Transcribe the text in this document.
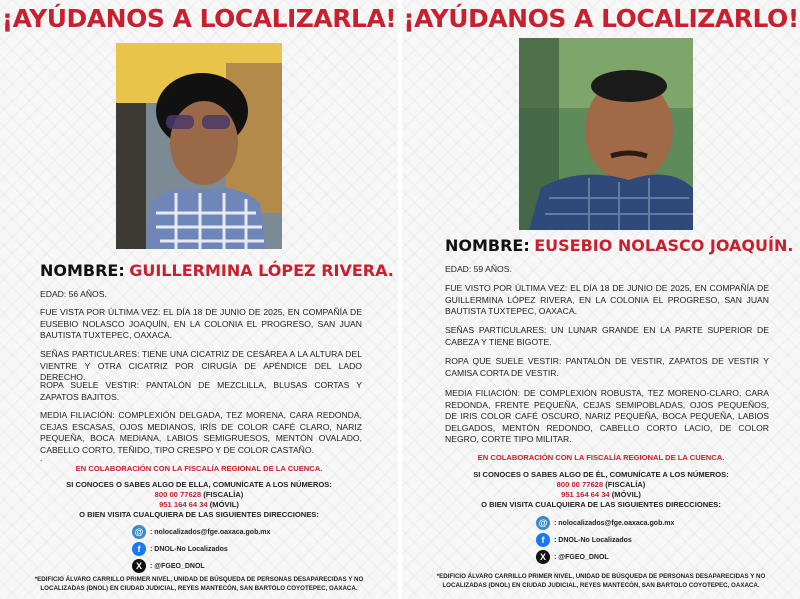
¡AYÚDANOS A LOCALIZARLA!
NOMBRE: GUILLERMINA LÓPEZ RIVERA.
EDAD: 56 AÑOS.
FUE VISTA POR ÚLTIMA VEZ: EL DÍA 18 DE JUNIO DE 2025, EN COMPAÑÍA DE EUSEBIO NOLASCO JOAQUÍN, EN LA COLONIA EL PROGRESO, SAN JUAN BAUTISTA TUXTEPEC, OAXACA.
SEÑAS PARTICULARES: TIENE UNA CICATRIZ DE CESÁREA A LA ALTURA DEL VIENTRE Y OTRA CICATRIZ POR CIRUGÍA DE APÉNDICE DEL LADO DERECHO.
ROPA SUELE VESTIR: PANTALÓN DE MEZCLILLA, BLUSAS CORTAS Y ZAPATOS BAJITOS.
MEDIA FILIACIÓN: COMPLEXIÓN DELGADA, TEZ MORENA, CARA REDONDA, CEJAS ESCASAS, OJOS MEDIANOS, IRÍS DE COLOR CAFÉ CLARO, NARIZ PEQUEÑA, BOCA MEDIANA, LABIOS SEMIGRUESOS, MENTÓN OVALADO, CABELLO CORTO, TEÑIDO, TIPO CRESPO Y DE COLOR CASTAÑO.
.
EN COLABORACIÓN CON LA FISCALÍA REGIONAL DE LA CUENCA.
SI CONOCES O SABES ALGO DE ELLA, COMUNÍCATE A LOS NÚMEROS:
800 00 77628 (FISCALÍA)
951 164 64 34 (MÓVIL)
O BIEN VISITA CUALQUIERA DE LAS SIGUIENTES DIRECCIONES:
@ : nolocalizados@fge.oaxaca.gob.mx
f	: DNOL-No Localizados
X	: @FGEO_DNOL
*EDIFICIO ÁLVARO CARRILLO PRIMER NIVEL, UNIDAD DE BÚSQUEDA DE PERSONAS DESAPARECIDAS Y NO LOCALIZADAS (DNOL) EN CIUDAD JUDICIAL, REYES MANTECÓN, SAN BARTOLO COYOTEPEC, OAXACA.
¡AYÚDANOS A LOCALIZARLO!
NOMBRE: EUSEBIO NOLASCO JOAQUÍN.
EDAD: 59 AÑOS.
FUE VISTO POR ÚLTIMA VEZ: EL DÍA 18 DE JUNIO DE 2025, EN COMPAÑÍA DE GUILLERMINA LÓPEZ RIVERA, EN LA COLONIA EL PROGRESO, SAN JUAN BAUTISTA TUXTEPEC, OAXACA.
SEÑAS PARTICULARES: UN LUNAR GRANDE EN LA PARTE SUPERIOR DE CABEZA Y TIENE BIGOTE.
ROPA QUE SUELE VESTIR: PANTALÓN DE VESTIR, ZAPATOS DE VESTIR Y CAMISA CORTA DE VESTIR.
MEDIA FILIACIÓN: DE COMPLEXIÓN ROBUSTA, TEZ MORENO-CLARO, CARA REDONDA, FRENTE PEQUEÑA, CEJAS SEMIPOBLADAS, OJOS PEQUEÑOS, DE IRIS COLOR CAFÉ OSCURO, NARIZ PEQUEÑA, BOCA PEQUEÑA, LABIOS DELGADOS, MENTÓN REDONDO, CABELLO CORTO LACIO, DE COLOR NEGRO, CORTE TIPO MILITAR.
EN COLABORACIÓN CON LA FISCALÍA REGIONAL DE LA CUENCA.
SI CONOCES O SABES ALGO DE ÉL, COMUNÍCATE A LOS NÚMEROS:
800 00 77628 (FISCALÍA)
951 164 64 34 (MÓVIL)
O BIEN VISITA CUALQUIERA DE LAS SIGUIENTES DIRECCIONES:
@ : nolocalizados@fge.oaxaca.gob.mx
f	: DNOL-No Localizados
X	: @FGEO_DNOL
*EDIFICIO ÁLVARO CARRILLO PRIMER NIVEL, UNIDAD DE BÚSQUEDA DE PERSONAS DESAPARECIDAS Y NO LOCALIZADAS (DNOL) EN CIUDAD JUDICIAL, REYES MANTECÓN, SAN BARTOLO COYOTEPEC, OAXACA.
